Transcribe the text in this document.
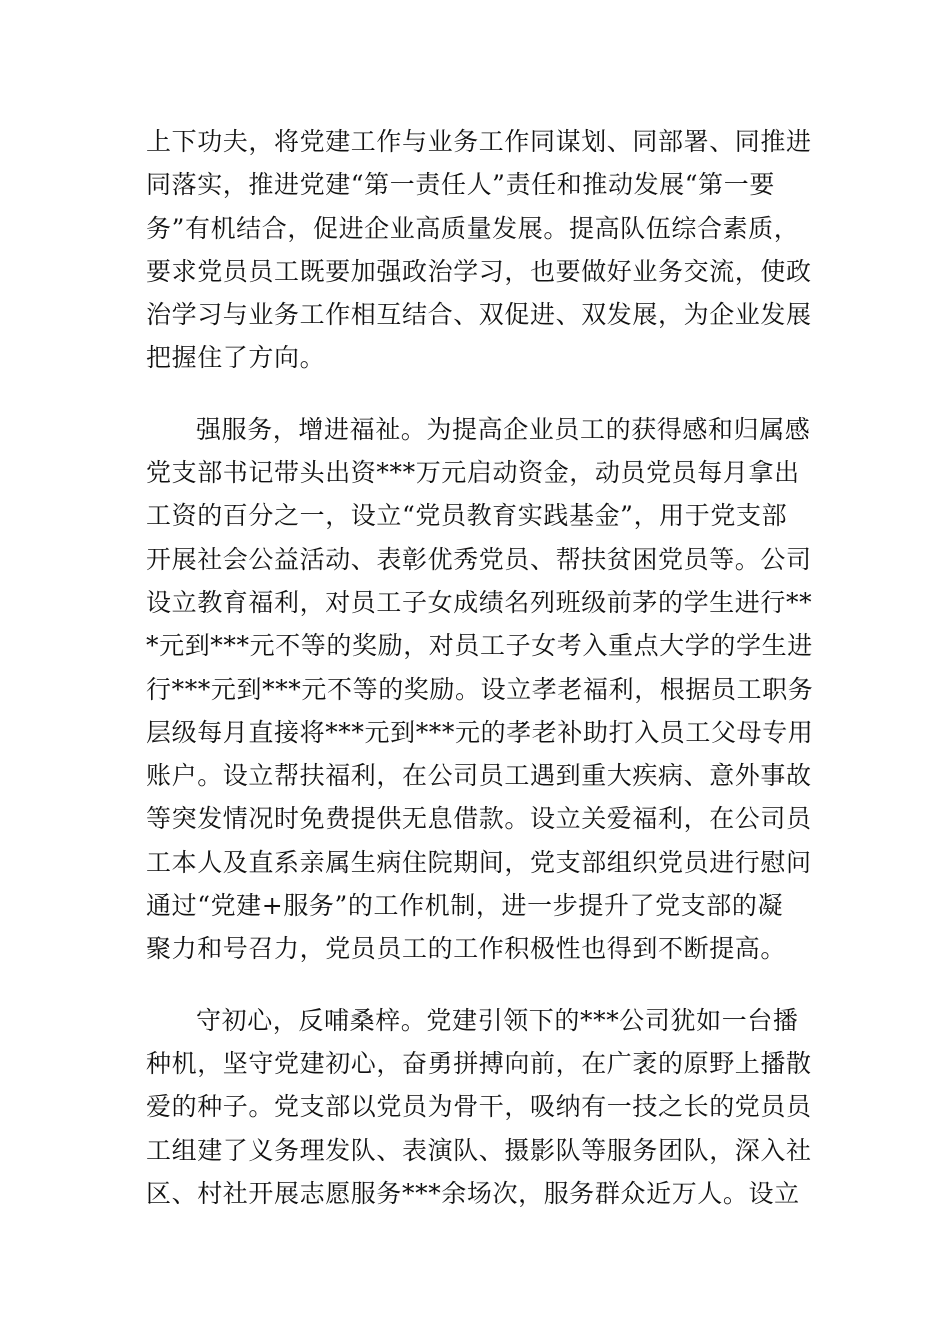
上下功夫，将党建工作与业务工作同谋划、同部署、同推进
同落实，推进党建“第一责任人”责任和推动发展“第一要
务”有机结合，促进企业高质量发展。提高队伍综合素质，
要求党员员工既要加强政治学习，也要做好业务交流，使政
治学习与业务工作相互结合、双促进、双发展，为企业发展
把握住了方向。
强服务，增进福祉。为提高企业员工的获得感和归属感
党支部书记带头出资***万元启动资金，动员党员每月拿出
工资的百分之一，设立“党员教育实践基金”，用于党支部
开展社会公益活动、表彰优秀党员、帮扶贫困党员等。公司
设立教育福利，对员工子女成绩名列班级前茅的学生进行**
*元到***元不等的奖励，对员工子女考入重点大学的学生进
行***元到***元不等的奖励。设立孝老福利，根据员工职务
层级每月直接将***元到***元的孝老补助打入员工父母专用
账户。设立帮扶福利，在公司员工遇到重大疾病、意外事故
等突发情况时免费提供无息借款。设立关爱福利，在公司员
工本人及直系亲属生病住院期间，党支部组织党员进行慰问
通过“党建+服务”的工作机制，进一步提升了党支部的凝
聚力和号召力，党员员工的工作积极性也得到不断提高。
守初心，反哺桑梓。党建引领下的***公司犹如一台播
种机，坚守党建初心，奋勇拼搏向前，在广袤的原野上播散
爱的种子。党支部以党员为骨干，吸纳有一技之长的党员员
工组建了义务理发队、表演队、摄影队等服务团队，深入社
区、村社开展志愿服务***余场次，服务群众近万人。设立
